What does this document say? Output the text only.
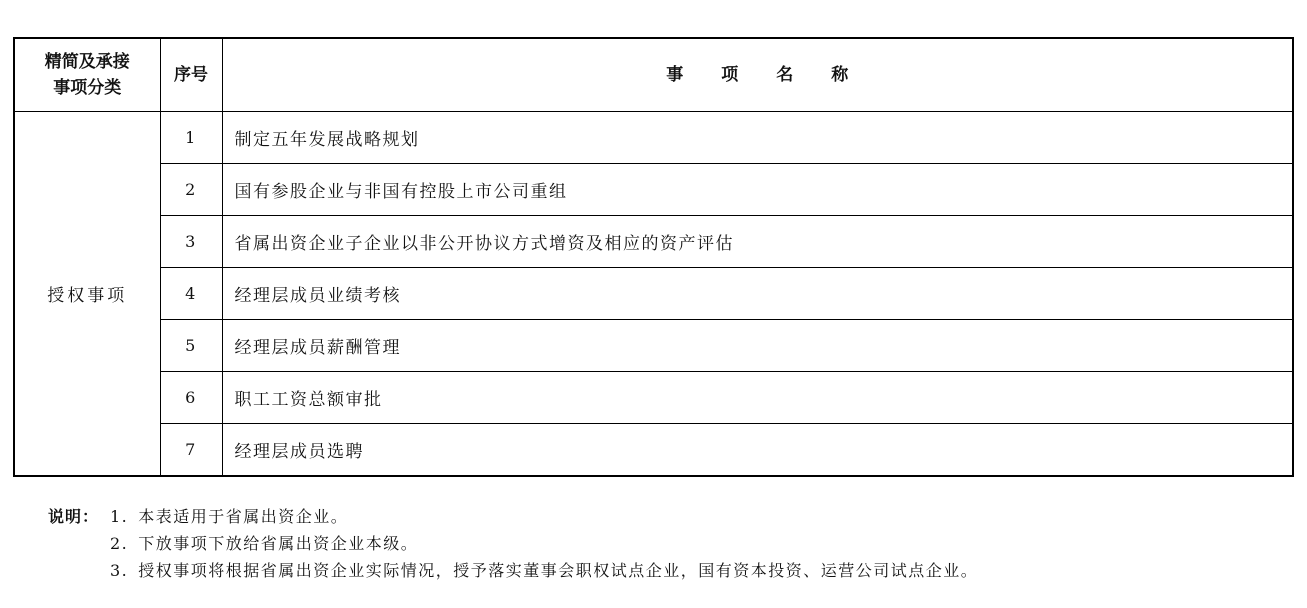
精简及承接
事项分类	序号	事项名称
授权事项	1	制定五年发展战略规划
	2	国有参股企业与非国有控股上市公司重组
	3	省属出资企业子企业以非公开协议方式增资及相应的资产评估
	4	经理层成员业绩考核
	5	经理层成员薪酬管理
	6	职工工资总额审批
	7	经理层成员选聘
说明： 1. 本表适用于省属出资企业。
2. 下放事项下放给省属出资企业本级。
3. 授权事项将根据省属出资企业实际情况，授予落实董事会职权试点企业，国有资本投资、运营公司试点企业。
